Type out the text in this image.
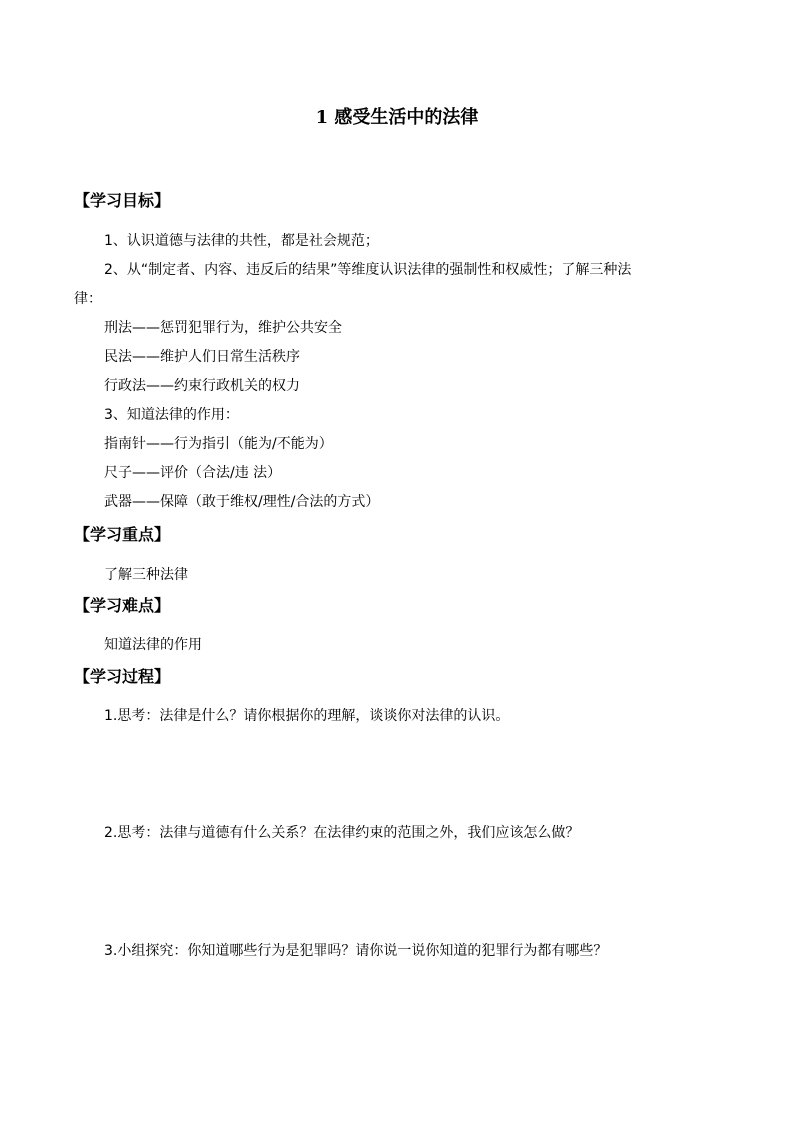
1 感受生活中的法律
【学习目标】
1、认识道德与法律的共性，都是社会规范；
2、从“制定者、内容、违反后的结果”等维度认识法律的强制性和权威性；了解三种法
律：
刑法——惩罚犯罪行为，维护公共安全
民法——维护人们日常生活秩序
行政法——约束行政机关的权力
3、知道法律的作用：
指南针——行为指引（能为/不能为）
尺子——评价（合法/违 法）
武器——保障（敢于维权/理性/合法的方式）
【学习重点】
了解三种法律
【学习难点】
知道法律的作用
【学习过程】
1.思考：法律是什么？请你根据你的理解，谈谈你对法律的认识。
2.思考：法律与道德有什么关系？在法律约束的范围之外，我们应该怎么做？
3.小组探究：你知道哪些行为是犯罪吗？请你说一说你知道的犯罪行为都有哪些？
